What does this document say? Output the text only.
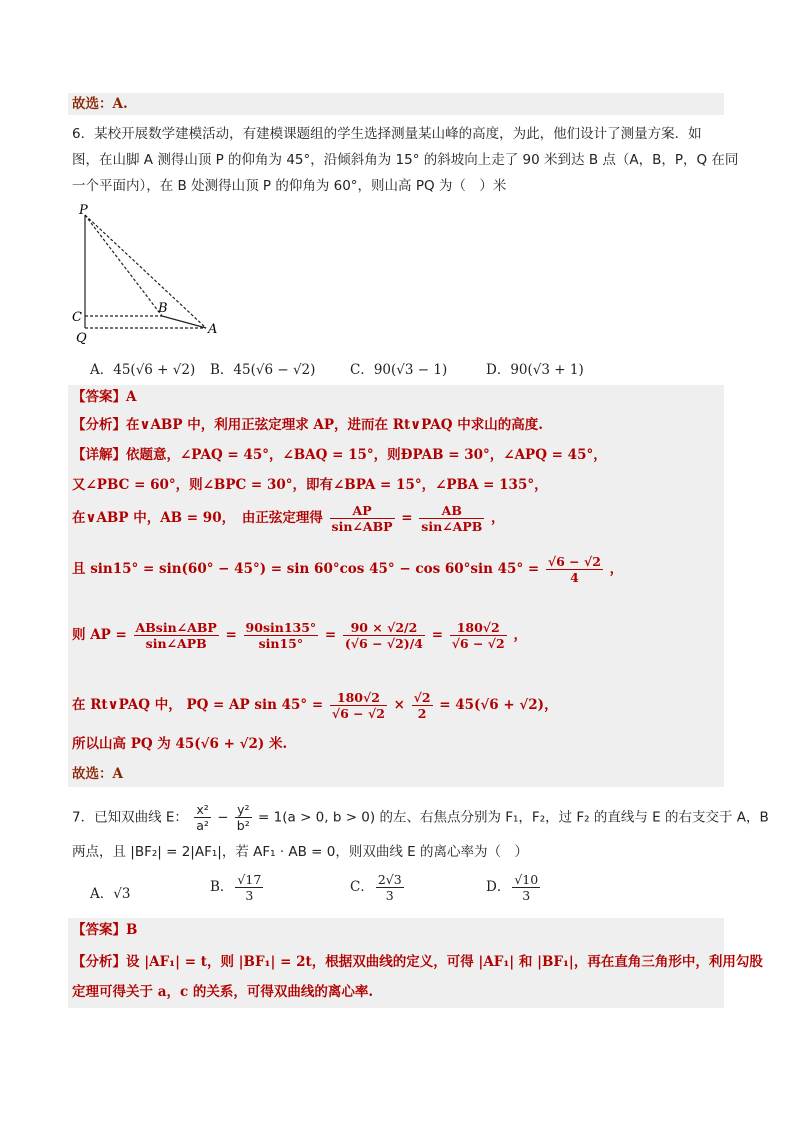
故选：A.
6．某校开展数学建模活动，有建模课题组的学生选择测量某山峰的高度，为此，他们设计了测量方案．如
图，在山脚 A 测得山顶 P 的仰角为 45°，沿倾斜角为 15° 的斜坡向上走了 90 米到达 B 点（A，B，P，Q 在同
一个平面内），在 B 处测得山顶 P 的仰角为 60°，则山高 PQ 为（　）米
P
C
Q
B
A
A．45(√6 + √2) B．45(√6 − √2)	C．90(√3 − 1)	D．90(√3 + 1)
【答案】A
【分析】在∨ABP 中，利用正弦定理求 AP，进而在 Rt∨PAQ 中求山的高度.
【详解】依题意，∠PAQ = 45°，∠BAQ = 15°，则ÐPAB = 30°，∠APQ = 45°，
又∠PBC = 60°，则∠BPC = 30°，即有∠BPA = 15°，∠PBA = 135°，
在∨ABP 中，AB = 90，　由正弦定理得 $\frac{AP}{\text{sin∠ABP}} = \frac{AB}{\text{sin∠APB}}$ ，
且 sin15° = sin(60° − 45°) = sin 60°cos 45° − cos 60°sin $45^\circ = \frac{√6 - √2}{4}$ ，
则 AP = $\frac{\text{ABsin∠ABP}}{\text{sin∠APB}} = \frac{90\sin 135^\circ}{\sin 15^\circ} = \frac{90 \times √2/2}{(√6 - √2)/4} = \frac{180√2}{√6 - √2}$ ，
在 Rt∨PAQ 中， PQ = AP $\sin 45^\circ = \frac{180√2}{√6 - √2} \times \frac{√2}{2} = 45(√6 + √2)$，
所以山高 PQ 为 45(√6 + √2) 米.
故选：A
7．已知双曲线 E： $\frac{\text{x²}}{\text{a²}} - \frac{\text{y²}}{\text{b²}} = 1(a > 0$, b > 0) 的左、右焦点分别为 F₁，F₂，过 F₂ 的直线与 E 的右支交于 A，B
两点，且 |BF₂| = 2|AF₁|，若 AF₁ · AB = 0，则双曲线 E 的离心率为（　）
A．√3	B． $\frac{√17}{3}$	C． $\frac{2√3}{3}$	D． $\frac{√10}{3}$
【答案】B
【分析】设 |AF₁| = t，则 |BF₁| = 2t，根据双曲线的定义，可得 |AF₁| 和 |BF₁|，再在直角三角形中，利用勾股
定理可得关于 a，c 的关系，可得双曲线的离心率.
